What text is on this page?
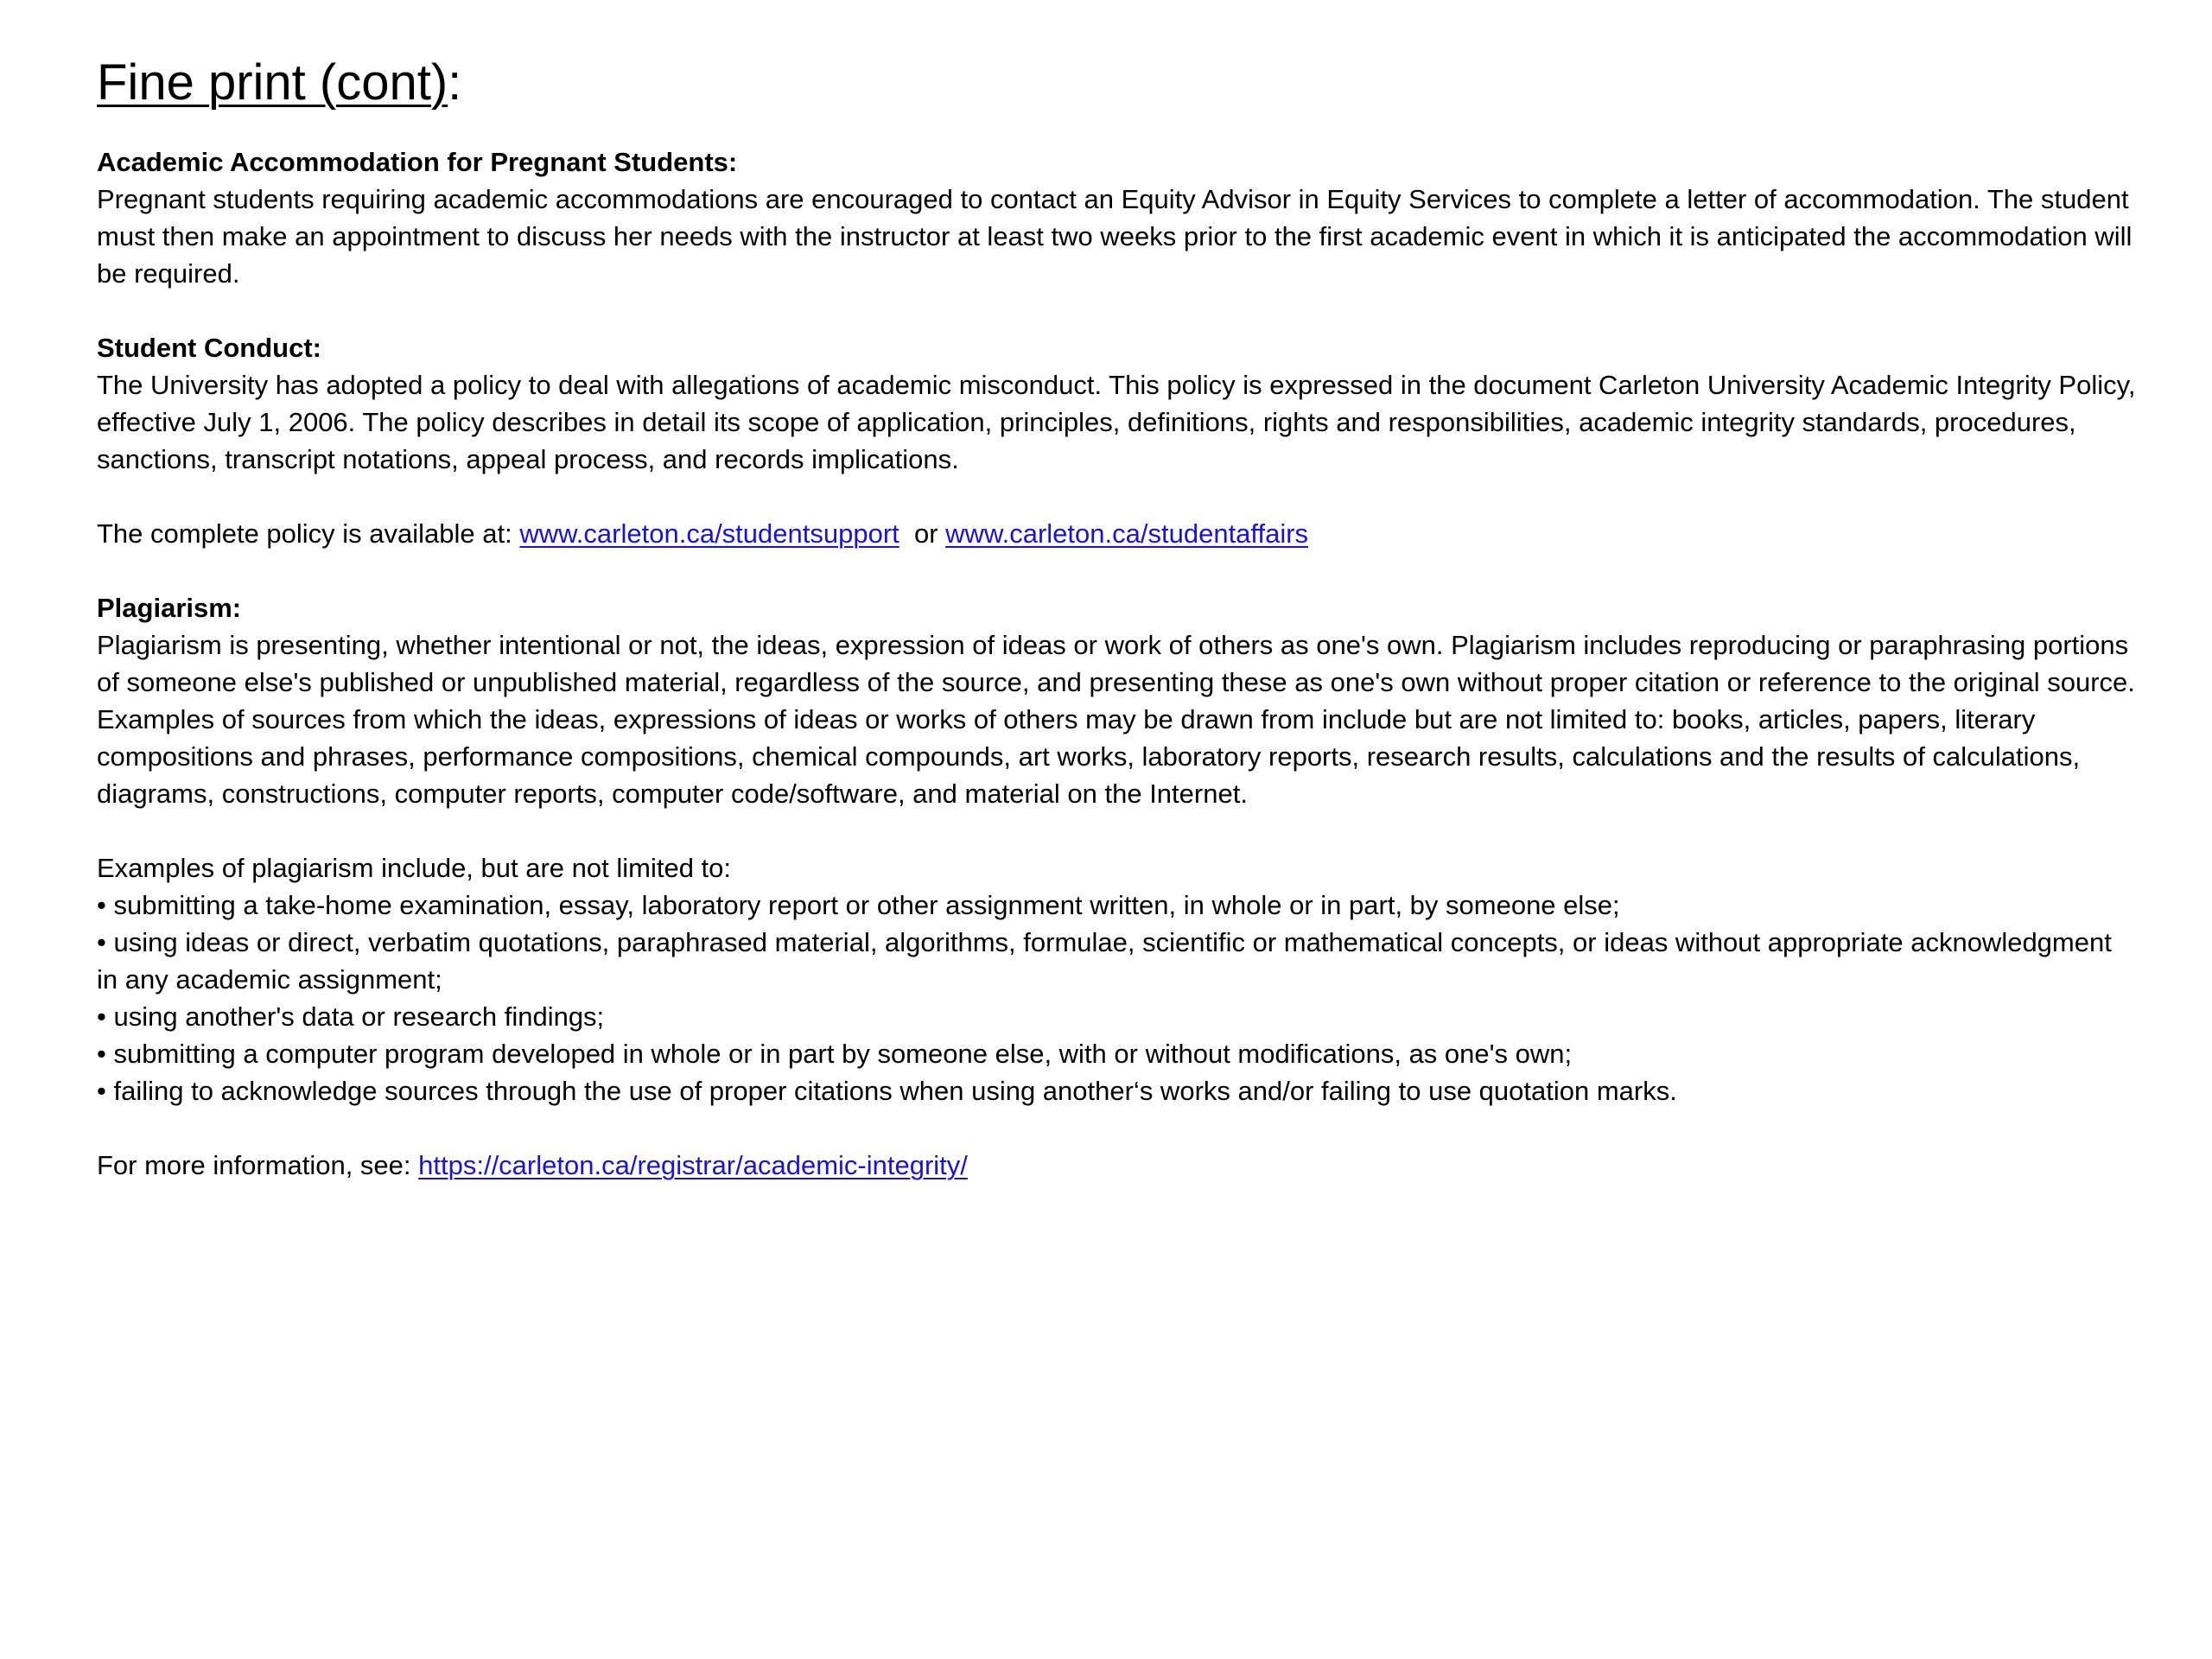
Fine print (cont):

Academic Accommodation for Pregnant Students:
Pregnant students requiring academic accommodations are encouraged to contact an Equity Advisor in Equity Services to complete a letter of accommodation. The student must then make an appointment to discuss her needs with the instructor at least two weeks prior to the first academic event in which it is anticipated the accommodation will be required.

Student Conduct:
The University has adopted a policy to deal with allegations of academic misconduct. This policy is expressed in the document Carleton University Academic Integrity Policy, effective July 1, 2006. The policy describes in detail its scope of application, principles, definitions, rights and responsibilities, academic integrity standards, procedures, sanctions, transcript notations, appeal process, and records implications.

The complete policy is available at: www.carleton.ca/studentsupport  or www.carleton.ca/studentaffairs

Plagiarism:
Plagiarism is presenting, whether intentional or not, the ideas, expression of ideas or work of others as one's own. Plagiarism includes reproducing or paraphrasing portions of someone else's published or unpublished material, regardless of the source, and presenting these as one's own without proper citation or reference to the original source. Examples of sources from which the ideas, expressions of ideas or works of others may be drawn from include but are not limited to: books, articles, papers, literary compositions and phrases, performance compositions, chemical compounds, art works, laboratory reports, research results, calculations and the results of calculations, diagrams, constructions, computer reports, computer code/software, and material on the Internet.

Examples of plagiarism include, but are not limited to:
• submitting a take-home examination, essay, laboratory report or other assignment written, in whole or in part, by someone else;
• using ideas or direct, verbatim quotations, paraphrased material, algorithms, formulae, scientific or mathematical concepts, or ideas without appropriate acknowledgment in any academic assignment;
• using another's data or research findings;
• submitting a computer program developed in whole or in part by someone else, with or without modifications, as one's own;
• failing to acknowledge sources through the use of proper citations when using another‘s works and/or failing to use quotation marks.

For more information, see: https://carleton.ca/registrar/academic-integrity/
